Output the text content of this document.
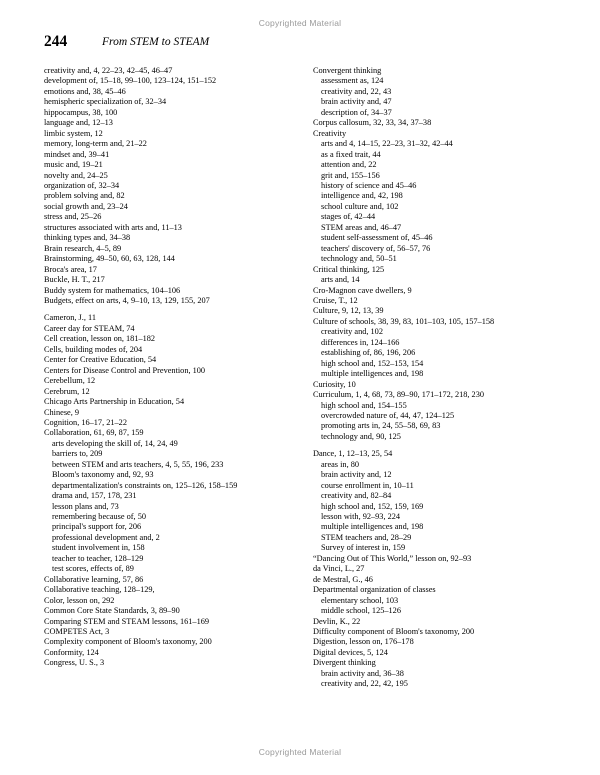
Copyrighted Material
244	From STEM to STEAM
creativity and, 4, 22–23, 42–45, 46–47
development of, 15–18, 99–100, 123–124, 151–152
emotions and, 38, 45–46
hemispheric specialization of, 32–34
hippocampus, 38, 100
language and, 12–13
limbic system, 12
memory, long-term and, 21–22
mindset and, 39–41
music and, 19–21
novelty and, 24–25
organization of, 32–34
problem solving and, 82
social growth and, 23–24
stress and, 25–26
structures associated with arts and, 11–13
thinking types and, 34–38
Brain research, 4–5, 89
Brainstorming, 49–50, 60, 63, 128, 144
Broca's area, 17
Buckle, H. T., 217
Buddy system for mathematics, 104–106
Budgets, effect on arts, 4, 9–10, 13, 129, 155, 207
Cameron, J., 11
Career day for STEAM, 74
Cell creation, lesson on, 181–182
Cells, building modes of, 204
Center for Creative Education, 54
Centers for Disease Control and Prevention, 100
Cerebellum, 12
Cerebrum, 12
Chicago Arts Partnership in Education, 54
Chinese, 9
Cognition, 16–17, 21–22
Collaboration, 61, 69, 87, 159
arts developing the skill of, 14, 24, 49
barriers to, 209
between STEM and arts teachers, 4, 5, 55, 196, 233
Bloom's taxonomy and, 92, 93
departmentalization's constraints on, 125–126, 158–159
drama and, 157, 178, 231
lesson plans and, 73
remembering because of, 50
principal's support for, 206
professional development and, 2
student involvement in, 158
teacher to teacher, 128–129
test scores, effects of, 89
Collaborative learning, 57, 86
Collaborative teaching, 128–129,
Color, lesson on, 292
Common Core State Standards, 3, 89–90
Comparing STEM and STEAM lessons, 161–169
COMPETES Act, 3
Complexity component of Bloom's taxonomy, 200
Conformity, 124
Congress, U. S., 3
Convergent thinking
assessment as, 124
creativity and, 22, 43
brain activity and, 47
description of, 34–37
Corpus callosum, 32, 33, 34, 37–38
Creativity
arts and 4, 14–15, 22–23, 31–32, 42–44
as a fixed trait, 44
attention and, 22
grit and, 155–156
history of science and 45–46
intelligence and, 42, 198
school culture and, 102
stages of, 42–44
STEM areas and, 46–47
student self-assessment of, 45–46
teachers' discovery of, 56–57, 76
technology and, 50–51
Critical thinking, 125
arts and, 14
Cro-Magnon cave dwellers, 9
Cruise, T., 12
Culture, 9, 12, 13, 39
Culture of schools, 38, 39, 83, 101–103, 105, 157–158
creativity and, 102
differences in, 124–166
establishing of, 86, 196, 206
high school and, 152–153, 154
multiple intelligences and, 198
Curiosity, 10
Curriculum, 1, 4, 68, 73, 89–90, 171–172, 218, 230
high school and, 154–155
overcrowded nature of, 44, 47, 124–125
promoting arts in, 24, 55–58, 69, 83
technology and, 90, 125
Dance, 1, 12–13, 25, 54
areas in, 80
brain activity and, 12
course enrollment in, 10–11
creativity and, 82–84
high school and, 152, 159, 169
lesson with, 92–93, 224
multiple intelligences and, 198
STEM teachers and, 28–29
Survey of interest in, 159
“Dancing Out of This World,” lesson on, 92–93
da Vinci, L., 27
de Mestral, G., 46
Departmental organization of classes
elementary school, 103
middle school, 125–126
Devlin, K., 22
Difficulty component of Bloom's taxonomy, 200
Digestion, lesson on, 176–178
Digital devices, 5, 124
Divergent thinking
brain activity and, 36–38
creativity and, 22, 42, 195
Copyrighted Material
